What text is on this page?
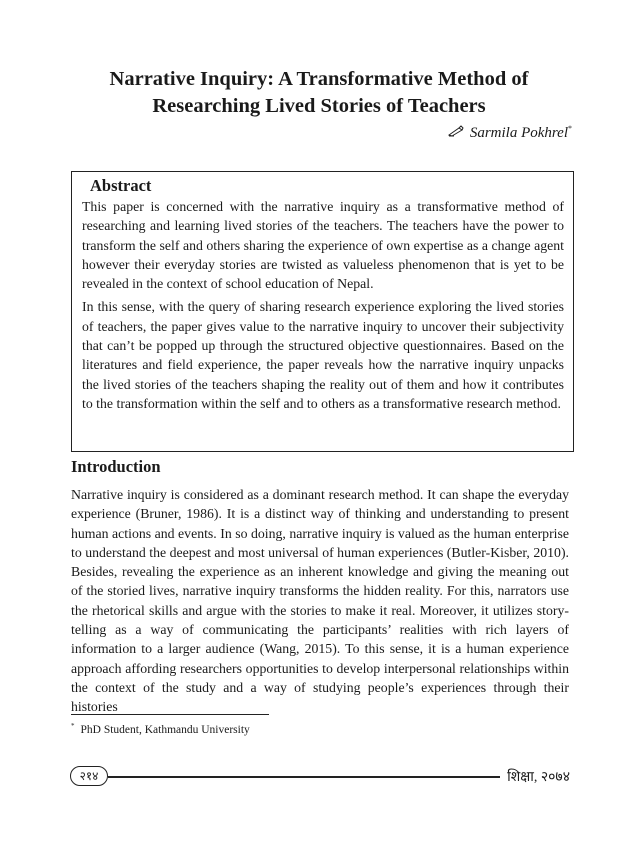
Narrative Inquiry: A Transformative Method of
Researching Lived Stories of Teachers
Sarmila Pokhrel*
Abstract

This paper is concerned with the narrative inquiry as a transformative method of researching and learning lived stories of the teachers. The teachers have the power to transform the self and others sharing the experience of own expertise as a change agent however their everyday stories are twisted as valueless phenomenon that is yet to be revealed in the context of school education of Nepal.

In this sense, with the query of sharing research experience exploring the lived stories of teachers, the paper gives value to the narrative inquiry to uncover their subjectivity that can’t be popped up through the structured objective questionnaires. Based on the literatures and field experience, the paper reveals how the narrative inquiry unpacks the lived stories of the teachers shaping the reality out of them and how it contributes to the transformation within the self and to others as a transformative research method.

Introduction

Narrative inquiry is considered as a dominant research method. It can shape the everyday experience (Bruner, 1986). It is a distinct way of thinking and understanding to present human actions and events. In so doing, narrative inquiry is valued as the human enterprise to understand the deepest and most universal of human experiences (Butler-Kisber, 2010). Besides, revealing the experience as an inherent knowledge and giving the meaning out of the storied lives, narrative inquiry transforms the hidden reality. For this, narrators use the rhetorical skills and argue with the stories to make it real. Moreover, it utilizes story-telling as a way of communicating the participants’ realities with rich layers of information to a larger audience (Wang, 2015). To this sense, it is a human experience approach affording researchers opportunities to develop interpersonal relationships within the context of the study and a way of studying people’s experiences through their histories

* PhD Student, Kathmandu University
२१४	शिक्षा, २०७४
